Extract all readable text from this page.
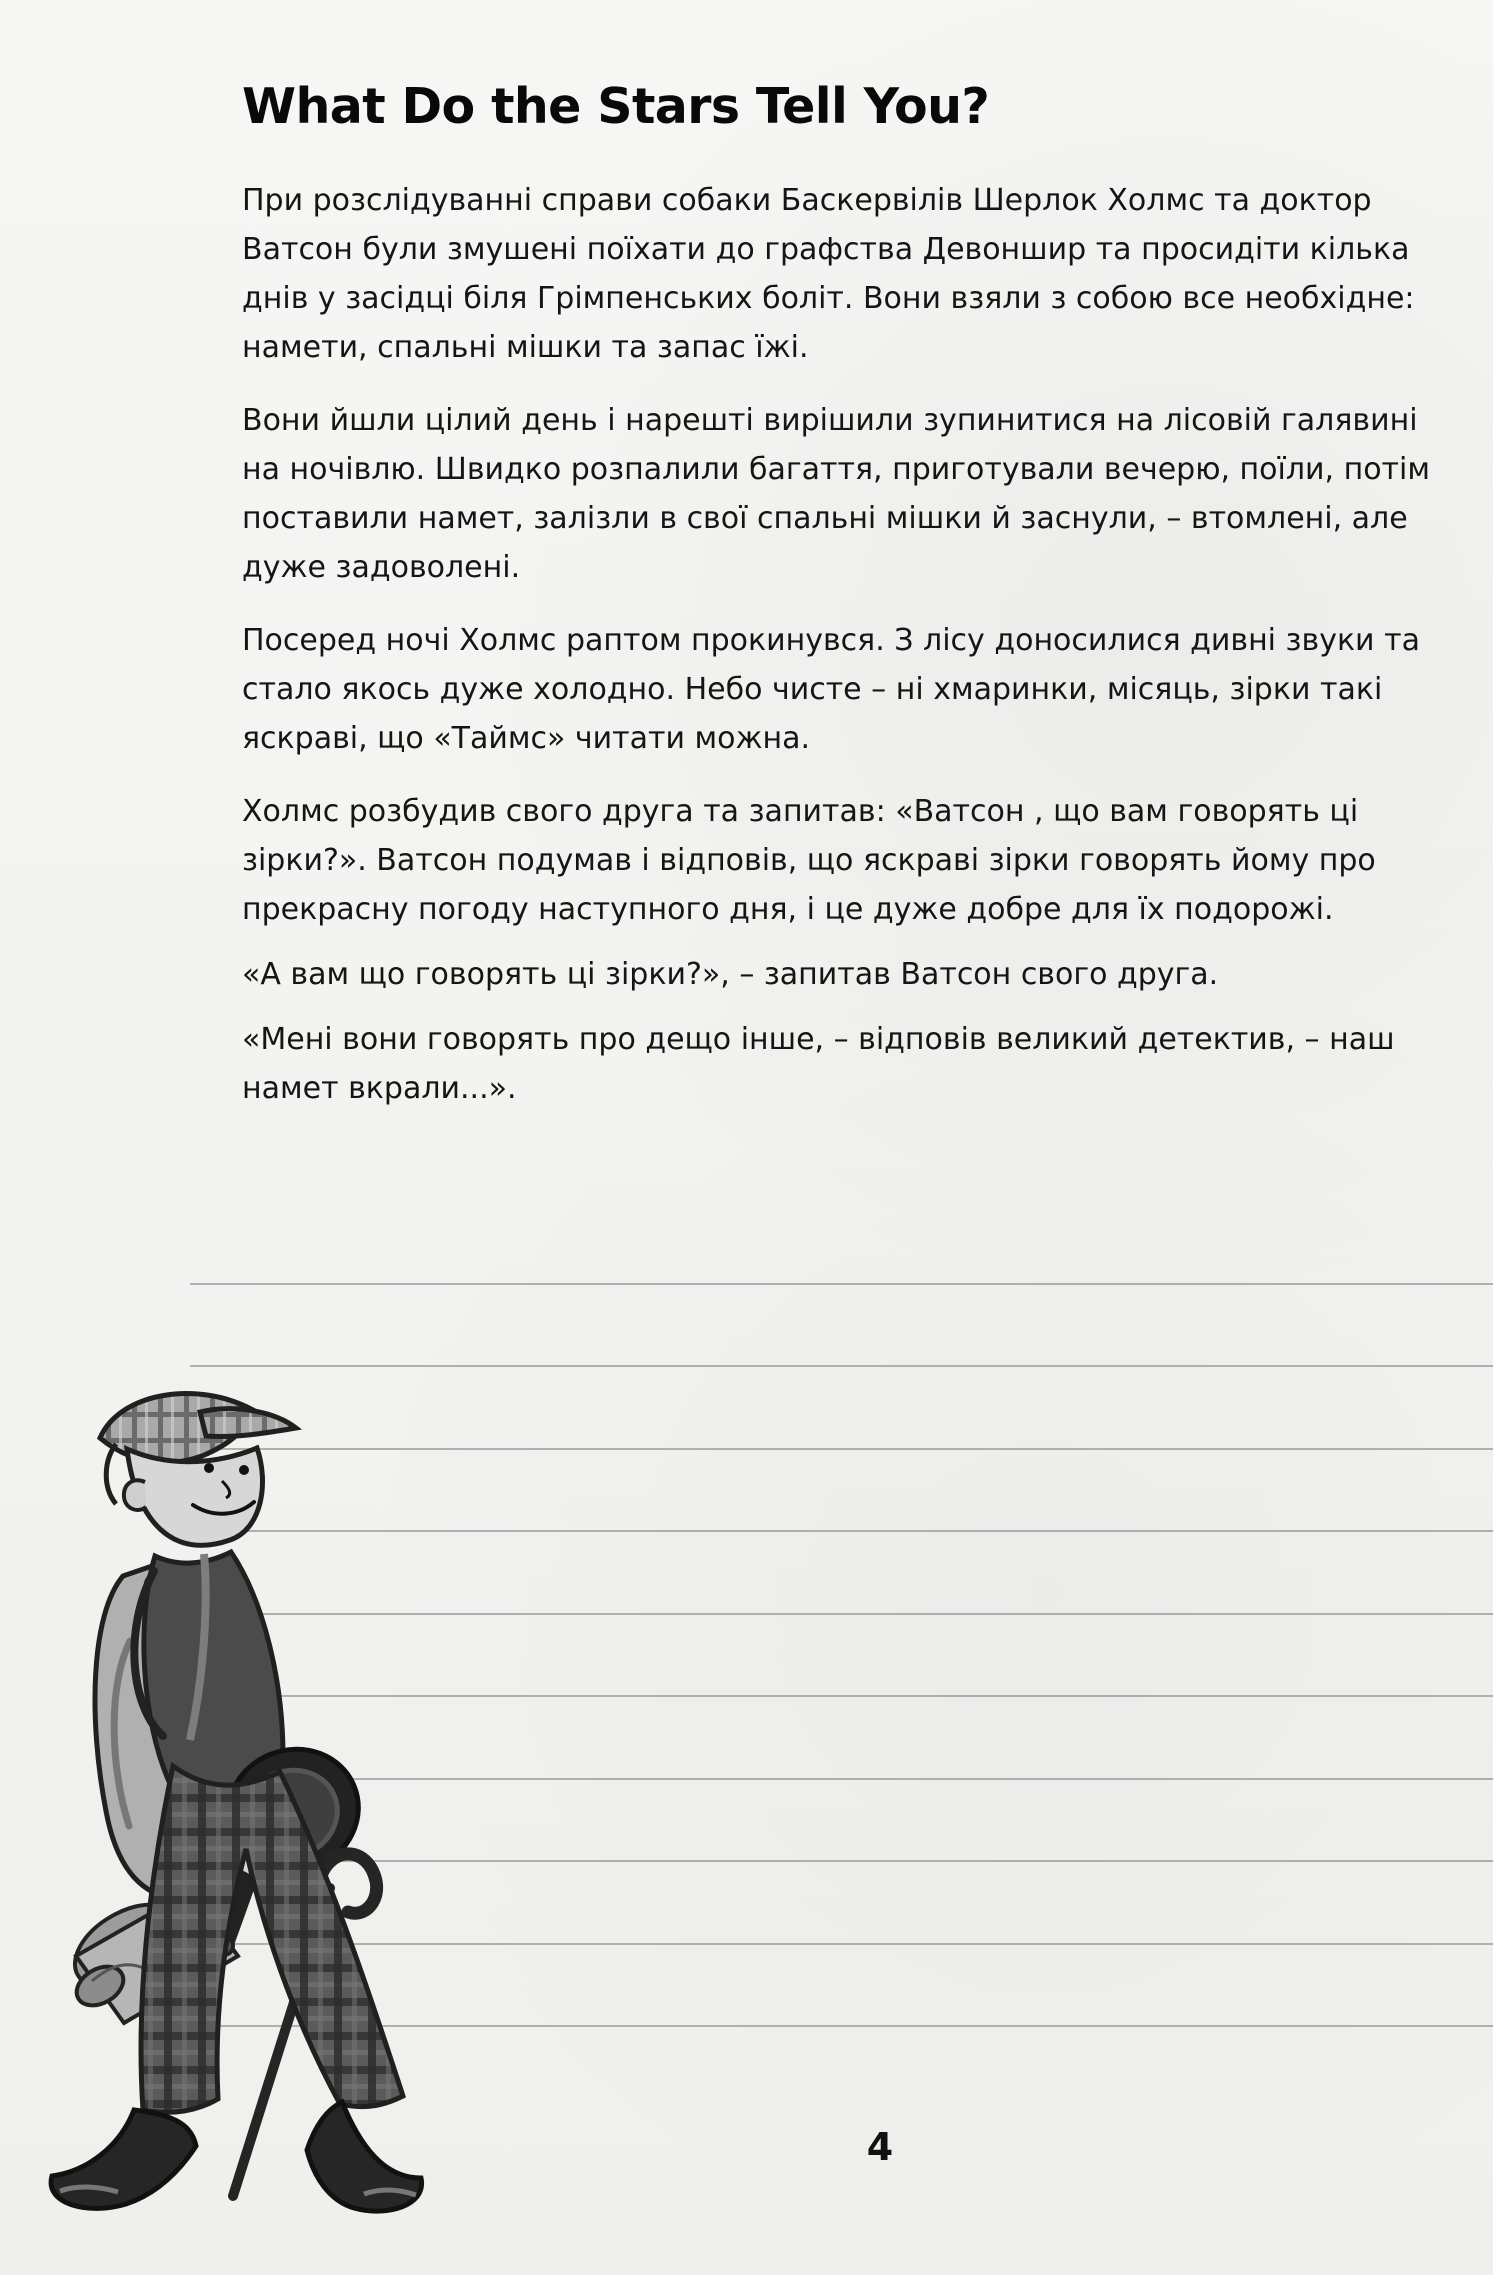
What Do the Stars Tell You?

При розслідуванні справи собаки Баскервілів Шерлок Холмс та доктор Ватсон були змушені поїхати до графства Девоншир та просидіти кілька днів у засідці біля Грімпенських боліт. Вони взяли з собою все необхідне: намети, спальні мішки та запас їжі.

Вони йшли цілий день і нарешті вирішили зупинитися на лісовій галявині на ночівлю. Швидко розпалили багаття, приготували вечерю, поїли, потім поставили намет, залізли в свої спальні мішки й заснули, – втомлені, але дуже задоволені.

Посеред ночі Холмс раптом прокинувся. З лісу доносилися дивні звуки та стало якось дуже холодно. Небо чисте – ні хмаринки, місяць, зірки такі яскраві, що «Таймс» читати можна.

Холмс розбудив свого друга та запитав: «Ватсон , що вам говорять ці зірки?». Ватсон подумав і відповів, що яскраві зірки говорять йому про прекрасну погоду наступного дня, і це дуже добре для їх подорожі.

«А вам що говорять ці зірки?», – запитав Ватсон свого друга.

«Мені вони говорять про дещо інше, – відповів великий детектив, – наш намет вкрали...».

4
